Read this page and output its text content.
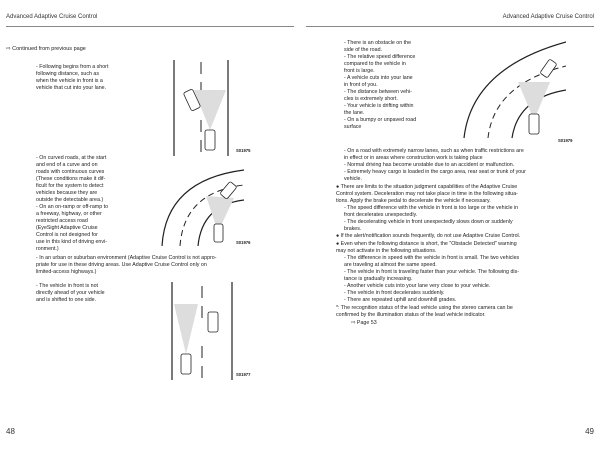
Advanced Adaptive Cruise Control
⇨ Continued from previous page

- Following begins from a short

following distance, such as

when the vehicle in front is a

vehicle that cut into your lane.

S01975

- On curved roads, at the start

and end of a curve and on

roads with continuous curves

(These conditions make it dif-

ficult for the system to detect

vehicles because they are

outside the detectable area.)

- On an on-ramp or off-ramp to

a freeway, highway, or other

restricted access road

(EyeSight Adaptive Cruise

Control is not designed for

use in this kind of driving envi-

ronment.)

S01976

- In an urban or suburban environment (Adaptive Cruise Control is not appro-

priate for use in these driving areas. Use Adaptive Cruise Control only on

limited-access highways.)

- The vehicle in front is not

directly ahead of your vehicle

and is shifted to one side.

S01977
48
Advanced Adaptive Cruise Control

- There is an obstacle on the

side of the road.

- The relative speed difference

compared to the vehicle in

front is large.

- A vehicle cuts into your lane

in front of you.

- The distance between vehi-

cles is extremely short.

- Your vehicle is drifting within

the lane.

- On a bumpy or unpaved road

surface

S01979

- On a road with extremely narrow lanes, such as when traffic restrictions are

in effect or in areas where construction work is taking place

- Normal driving has become unstable due to an accident or malfunction.

- Extremely heavy cargo is loaded in the cargo area, rear seat or trunk of your

vehicle.

● There are limits to the situation judgment capabilities of the Adaptive Cruise

Control system. Deceleration may not take place in time in the following situa-

tions. Apply the brake pedal to decelerate the vehicle if necessary.

- The speed difference with the vehicle in front is too large or the vehicle in

front decelerates unexpectedly.

- The decelerating vehicle in front unexpectedly slows down or suddenly

brakes.

● If the alert/notification sounds frequently, do not use Adaptive Cruise Control.

● Even when the following distance is short, the "Obstacle Detected" warning

may not activate in the following situations.

- The difference in speed with the vehicle in front is small. The two vehicles

are traveling at almost the same speed.

- The vehicle in front is traveling faster than your vehicle. The following dis-

tance is gradually increasing.

- Another vehicle cuts into your lane very close to your vehicle.

- The vehicle in front decelerates suddenly.

- There are repeated uphill and downhill grades.

*: The recognition status of the lead vehicle using the stereo camera can be

confirmed by the illumination status of the lead vehicle indicator.

⇨ Page 53
49
